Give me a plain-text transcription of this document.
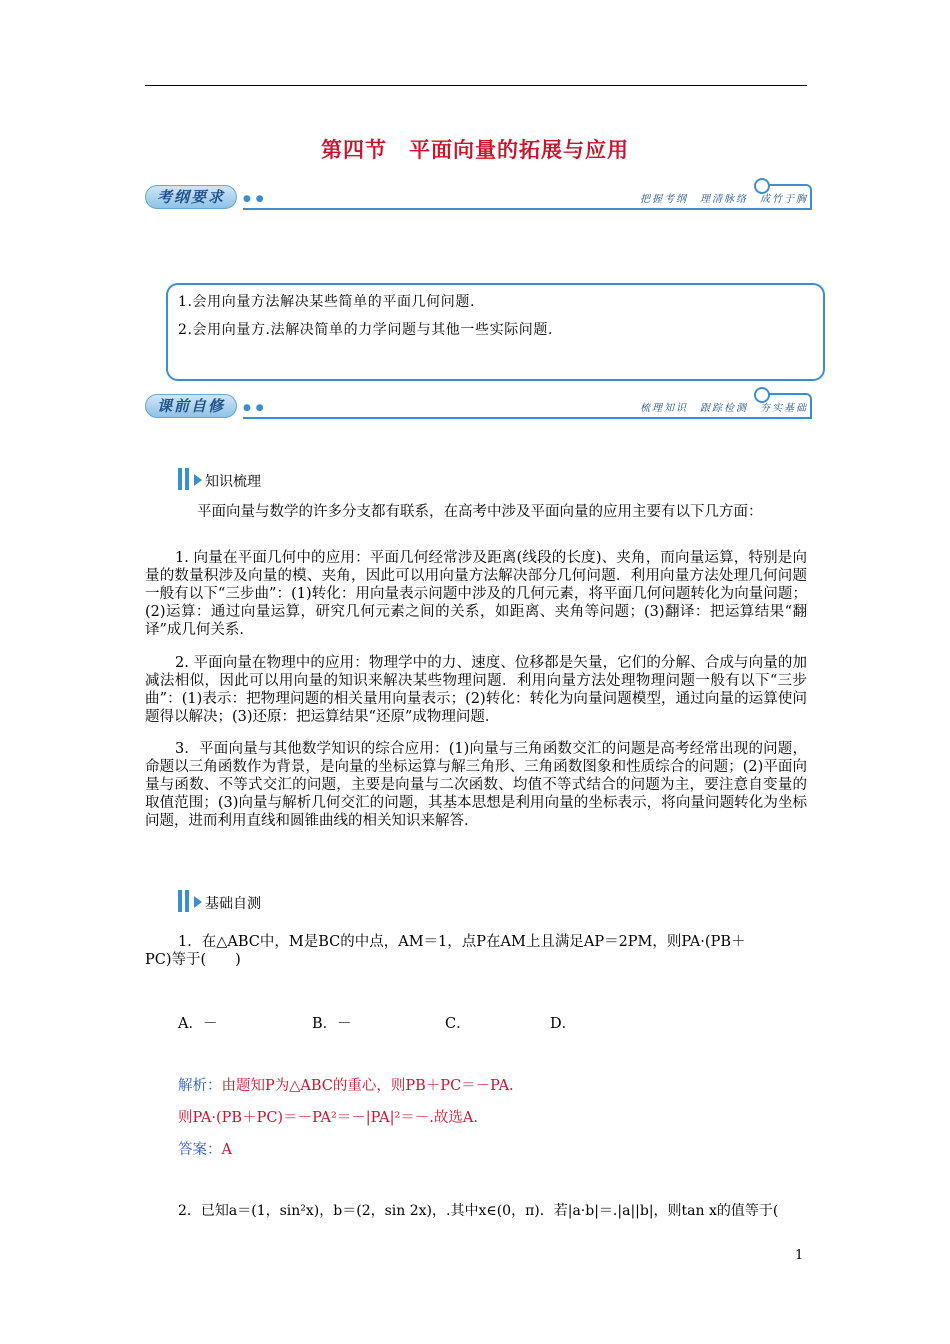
第四节　平面向量的拓展与应用
考纲要求	● ●	把握考纲　理清脉络　成竹于胸

1.会用向量方法解决某些简单的平面几何问题.

2.会用向量方.法解决简单的力学问题与其他一些实际问题.

课前自修	● ●	梳理知识　跟踪检测　夯实基础
知识梳理

平面向量与数学的许多分支都有联系，在高考中涉及平面向量的应用主要有以下几方面：

1. 向量在平面几何中的应用：平面几何经常涉及距离(线段的长度)、夹角，而向量运算，特别是向量的数量积涉及向量的模、夹角，因此可以用向量方法解决部分几何问题．利用向量方法处理几何问题一般有以下“三步曲”：(1)转化：用向量表示问题中涉及的几何元素，将平面几何问题转化为向量问题；(2)运算：通过向量运算，研究几何元素之间的关系，如距离、夹角等问题；(3)翻译：把运算结果“翻译”成几何关系．

2. 平面向量在物理中的应用：物理学中的力、速度、位移都是矢量，它们的分解、合成与向量的加减法相似，因此可以用向量的知识来解决某些物理问题．利用向量方法处理物理问题一般有以下“三步曲”：(1)表示：把物理问题的相关量用向量表示；(2)转化：转化为向量问题模型，通过向量的运算使问题得以解决；(3)还原：把运算结果“还原”成物理问题．

3．平面向量与其他数学知识的综合应用：(1)向量与三角函数交汇的问题是高考经常出现的问题，命题以三角函数作为背景，是向量的坐标运算与解三角形、三角函数图象和性质综合的问题；(2)平面向量与函数、不等式交汇的问题，主要是向量与二次函数、均值不等式结合的问题为主，要注意自变量的取值范围；(3)向量与解析几何交汇的问题，其基本思想是利用向量的坐标表示，将向量问题转化为坐标问题，进而利用直线和圆锥曲线的相关知识来解答．

基础自测
1．在△ABC中，M是BC的中点，AM＝1，点P在AM上且满足AP＝2PM，则PA·(PB＋
PC)等于(　　)
A．－	B．－	C．	D．
解析：由题知P为△ABC的重心，则PB＋PC＝－PA.
则PA·(PB＋PC)＝－PA²＝－|PA|²＝－.故选A.
答案：A
2．已知a＝(1，sin²x)，b＝(2，sin 2x)，.其中x∈(0，π)．若|a·b|＝.|a||b|，则tan x的值等于(
1
